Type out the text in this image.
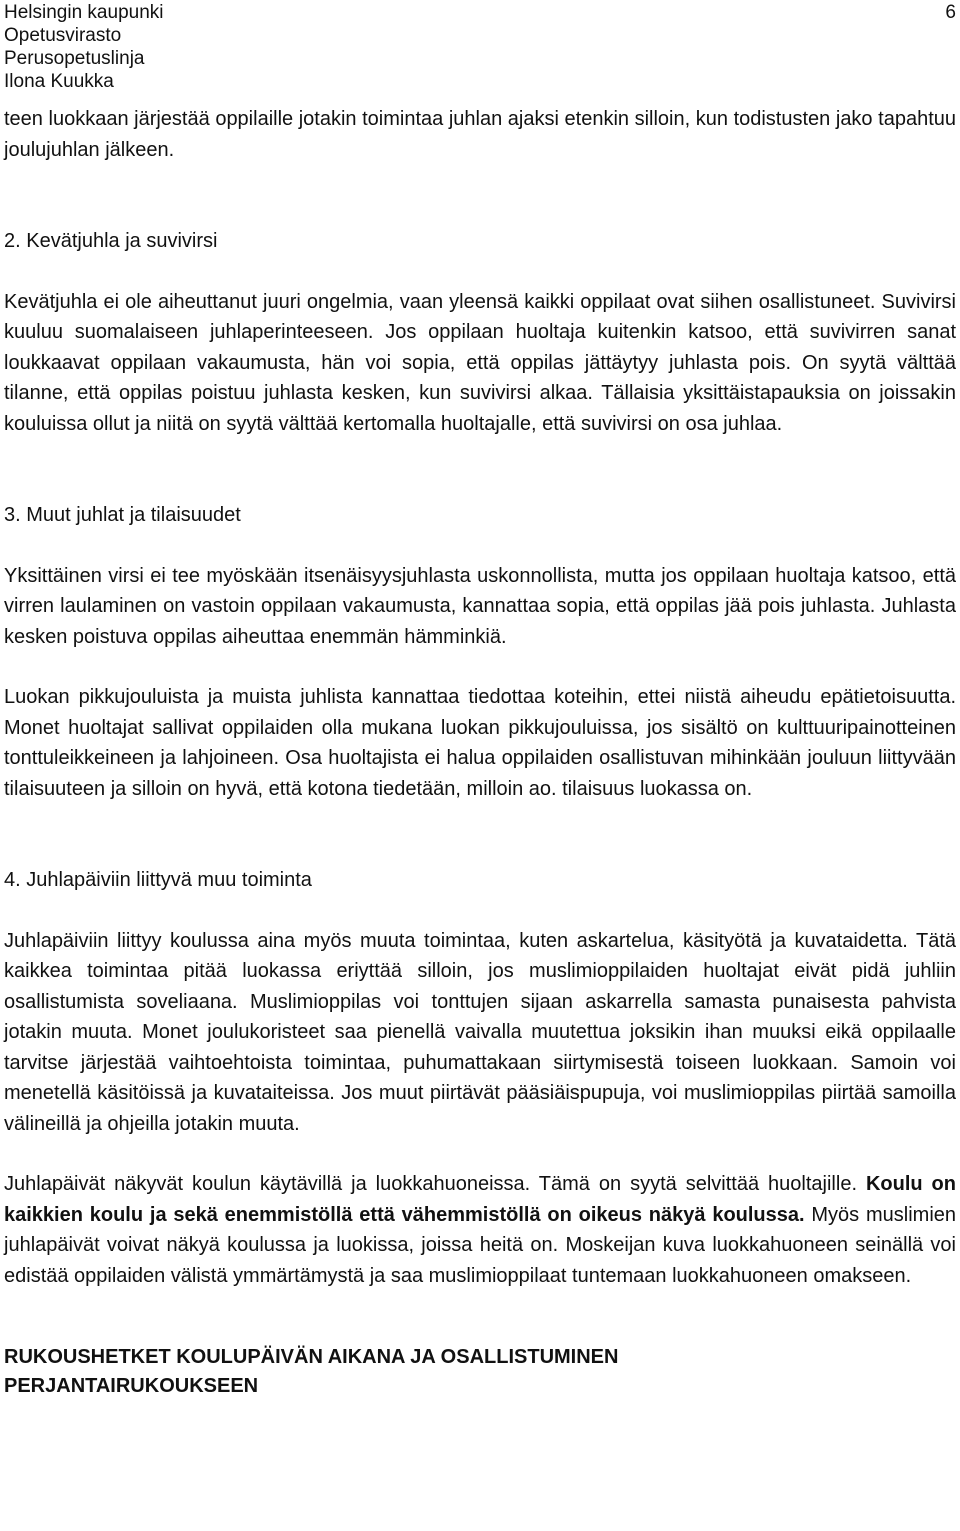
Helsingin kaupunki
Opetusvirasto
Perusopetuslinja
Ilona Kuukka
6

teen luokkaan järjestää oppilaille jotakin toimintaa juhlan ajaksi etenkin silloin, kun todistusten jako tapahtuu joulujuhlan jälkeen.

2. Kevätjuhla ja suvivirsi

Kevätjuhla ei ole aiheuttanut juuri ongelmia, vaan yleensä kaikki oppilaat ovat siihen osallistuneet. Suvivirsi kuuluu suomalaiseen juhlaperinteeseen. Jos oppilaan huoltaja kuitenkin katsoo, että suvivirren sanat loukkaavat oppilaan vakaumusta, hän voi sopia, että oppilas jättäytyy juhlasta pois. On syytä välttää tilanne, että oppilas poistuu juhlasta kesken, kun suvivirsi alkaa. Tällaisia yksittäistapauksia on joissakin kouluissa ollut ja niitä on syytä välttää kertomalla huoltajalle, että suvivirsi on osa juhlaa.

3. Muut juhlat ja tilaisuudet

Yksittäinen virsi ei tee myöskään itsenäisyysjuhlasta uskonnollista, mutta jos oppilaan huoltaja katsoo, että virren laulaminen on vastoin oppilaan vakaumusta, kannattaa sopia, että oppilas jää pois juhlasta. Juhlasta kesken poistuva oppilas aiheuttaa enemmän hämminkiä.

Luokan pikkujouluista ja muista juhlista kannattaa tiedottaa koteihin, ettei niistä aiheudu epätietoisuutta. Monet huoltajat sallivat oppilaiden olla mukana luokan pikkujouluissa, jos sisältö on kulttuuripainotteinen tonttuleikkeineen ja lahjoineen. Osa huoltajista ei halua oppilaiden osallistuvan mihinkään jouluun liittyvään tilaisuuteen ja silloin on hyvä, että kotona tiedetään, milloin ao. tilaisuus luokassa on.

4. Juhlapäiviin liittyvä muu toiminta

Juhlapäiviin liittyy koulussa aina myös muuta toimintaa, kuten askartelua, käsityötä ja kuvataidetta. Tätä kaikkea toimintaa pitää luokassa eriyttää silloin, jos muslimioppilaiden huoltajat eivät pidä juhliin osallistumista soveliaana. Muslimioppilas voi tonttujen sijaan askarrella samasta punaisesta pahvista jotakin muuta. Monet joulukoristeet saa pienellä vaivalla muutettua joksikin ihan muuksi eikä oppilaalle tarvitse järjestää vaihtoehtoista toimintaa, puhumattakaan siirtymisestä toiseen luokkaan. Samoin voi menetellä käsitöissä ja kuvataiteissa. Jos muut piirtävät pääsiäispupuja, voi muslimioppilas piirtää samoilla välineillä ja ohjeilla jotakin muuta.

Juhlapäivät näkyvät koulun käytävillä ja luokkahuoneissa. Tämä on syytä selvittää huoltajille. Koulu on kaikkien koulu ja sekä enemmistöllä että vähemmistöllä on oikeus näkyä koulussa. Myös muslimien juhlapäivät voivat näkyä koulussa ja luokissa, joissa heitä on. Moskeijan kuva luokkahuoneen seinällä voi edistää oppilaiden välistä ymmärtämystä ja saa muslimioppilaat tuntemaan luokkahuoneen omakseen.

RUKOUSHETKET KOULUPÄIVÄN AIKANA JA OSALLISTUMINEN

PERJANTAIRUKOUKSEEN
